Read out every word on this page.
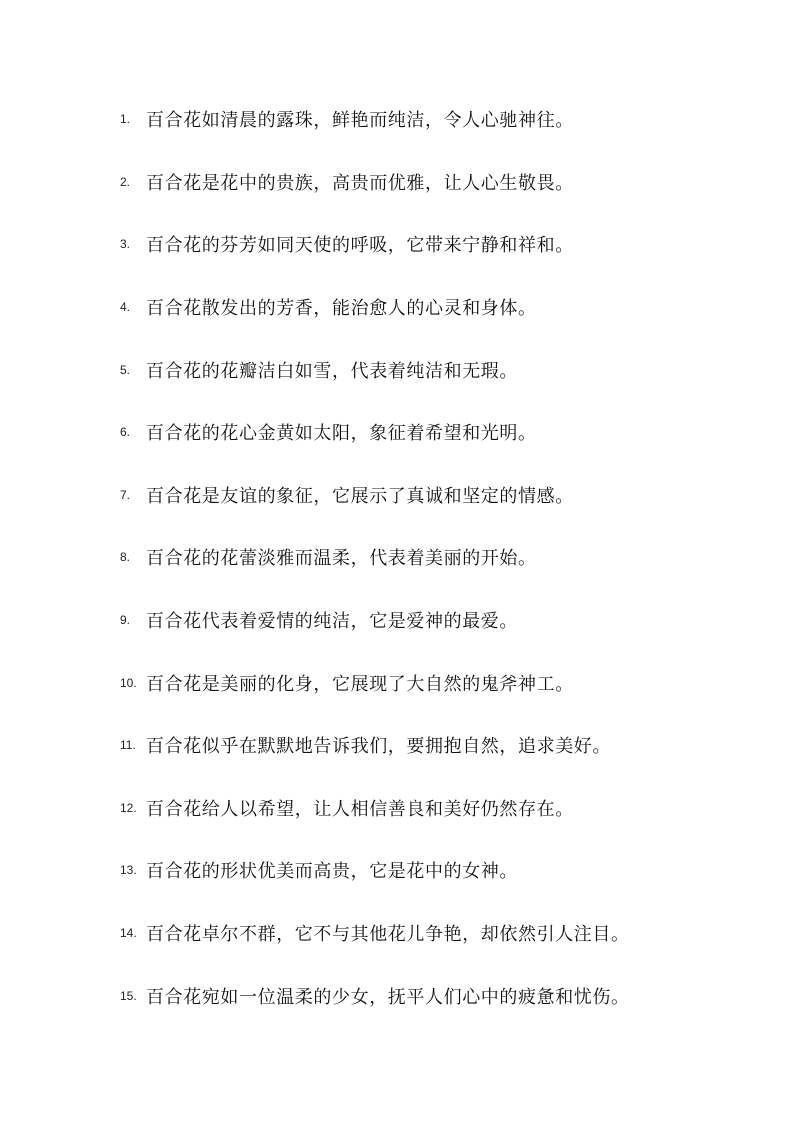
1. 百合花如清晨的露珠，鲜艳而纯洁，令人心驰神往。
2. 百合花是花中的贵族，高贵而优雅，让人心生敬畏。
3. 百合花的芬芳如同天使的呼吸，它带来宁静和祥和。
4. 百合花散发出的芳香，能治愈人的心灵和身体。
5. 百合花的花瓣洁白如雪，代表着纯洁和无瑕。
6. 百合花的花心金黄如太阳，象征着希望和光明。
7. 百合花是友谊的象征，它展示了真诚和坚定的情感。
8. 百合花的花蕾淡雅而温柔，代表着美丽的开始。
9. 百合花代表着爱情的纯洁，它是爱神的最爱。
10. 百合花是美丽的化身，它展现了大自然的鬼斧神工。
11. 百合花似乎在默默地告诉我们，要拥抱自然，追求美好。
12. 百合花给人以希望，让人相信善良和美好仍然存在。
13. 百合花的形状优美而高贵，它是花中的女神。
14. 百合花卓尔不群，它不与其他花儿争艳，却依然引人注目。
15. 百合花宛如一位温柔的少女，抚平人们心中的疲惫和忧伤。
